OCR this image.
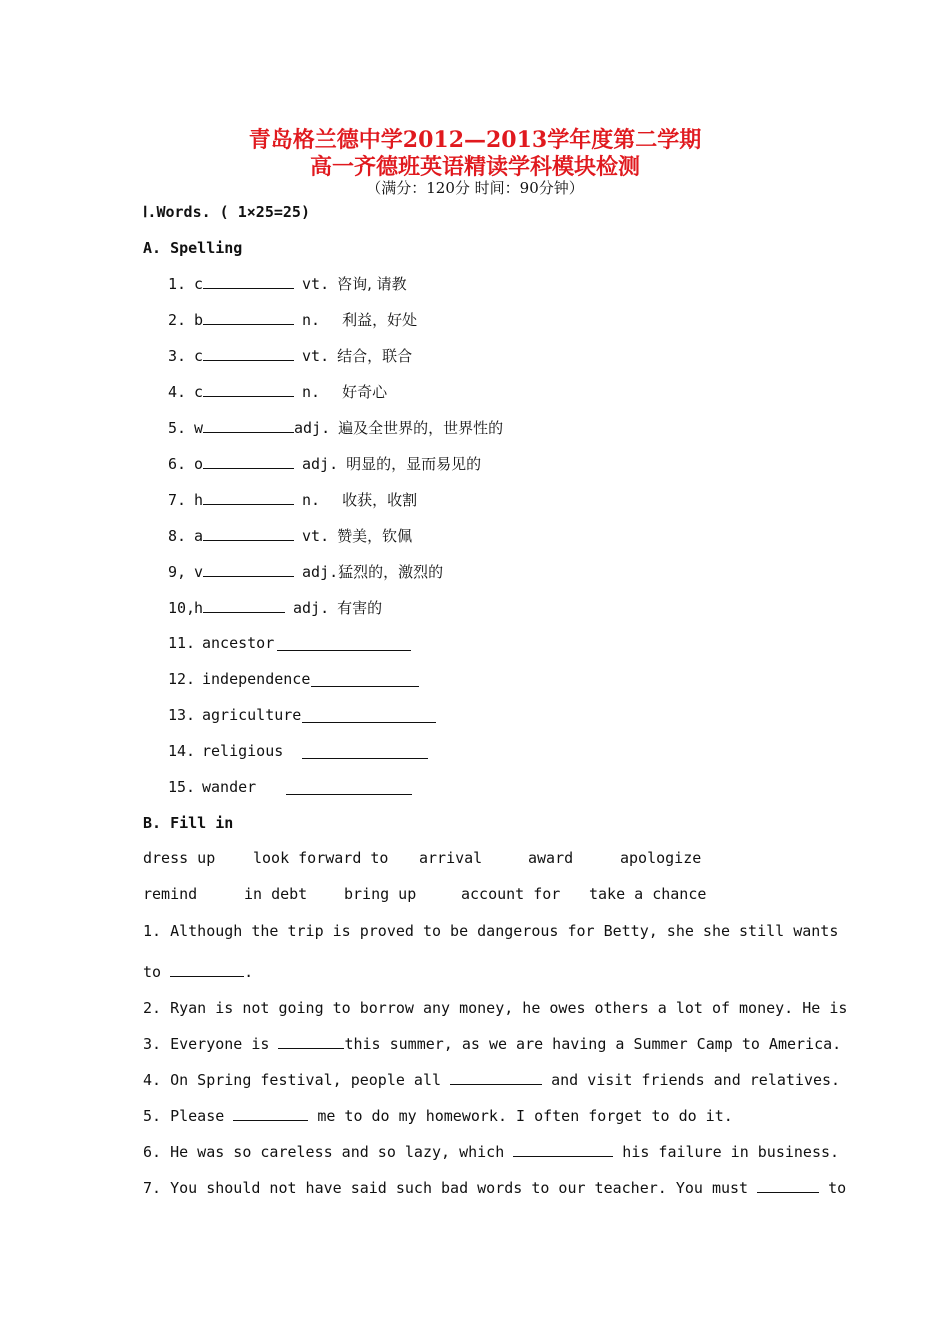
青岛格兰德中学2012—2013学年度第二学期
高一齐德班英语精读学科模块检测
（满分：120分 时间：90分钟）
Ⅰ.Words. ( 1×25=25)
A. Spelling
1. c	vt. 咨询, 请教
2. b	n. 利益，好处
3. c	vt. 结合，联合
4. c	n. 好奇心
5. w	adj. 遍及全世界的，世界性的
6. o	adj. 明显的，显而易见的
7. h	n. 收获，收割
8. a	vt. 赞美，钦佩
9, v	adj.猛烈的，激烈的
10,h	adj. 有害的
11. ancestor
12. independence
13. agriculture
14. religious
15. wander
B. Fill in
dress up	look forward to arrival	award	apologize
remind	in debt bring up	account for take a chance
1. Although the trip is proved to be dangerous for Betty, she she still wants
to	.
2. Ryan is not going to borrow any money, he owes others a lot of money. He is
3. Everyone is	this summer, as we are having a Summer Camp to America.
4. On Spring festival, people all	and visit friends and relatives.
5. Please	me to do my homework. I often forget to do it.
6. He was so careless and so lazy, which	his failure in business.
7. You should not have said such bad words to our teacher. You must	to
